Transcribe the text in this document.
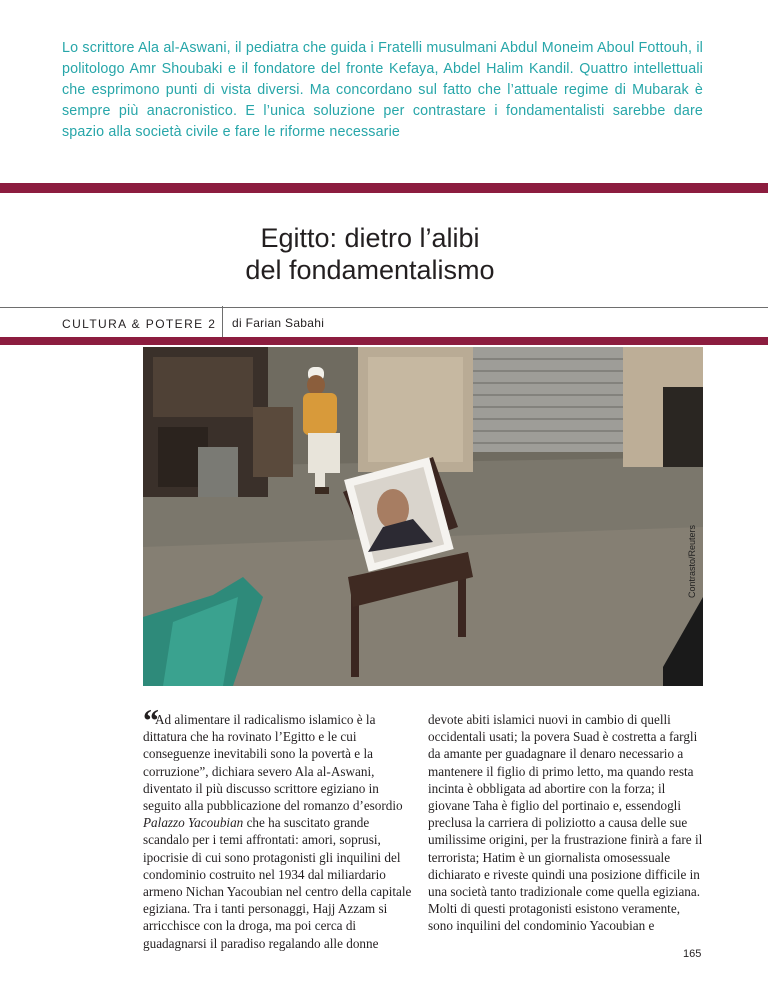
Lo scrittore Ala al-Aswani, il pediatra che guida i Fratelli musulmani Abdul Moneim Aboul Fottouh, il politologo Amr Shoubaki e il fondatore del fronte Kefaya, Abdel Halim Kandil. Quattro intellettuali che esprimono punti di vista diversi. Ma concordano sul fatto che l’attuale regime di Mubarak è sempre più anacronistico. E l’unica soluzione per contrastare i fondamentalisti sarebbe dare spazio alla società civile e fare le riforme necessarie
Egitto: dietro l’alibi
del fondamentalismo
CULTURA & POTERE 2 di Farian Sabahi
Contrasto/Reuters
“

Ad alimentare il radicalismo islamico è la dittatura che ha rovinato l’Egitto e le cui conseguenze inevitabili sono la povertà e la corruzione”, dichiara severo Ala al-Aswani, diventato il più discusso scrittore egiziano in seguito alla pubblicazione del romanzo d’esordio Palazzo Yacoubian che ha suscitato grande scandalo per i temi affrontati: amori, soprusi, ipocrisie di cui sono protagonisti gli inquilini del condominio costruito nel 1934 dal miliardario armeno Nichan Yacoubian nel centro della capitale egiziana. Tra i tanti personaggi, Hajj Azzam si arricchisce con la droga, ma poi cerca di guadagnarsi il paradiso regalando alle donne

devote abiti islamici nuovi in cambio di quelli occidentali usati; la povera Suad è costretta a fargli da amante per guadagnare il denaro necessario a mantenere il figlio di primo letto, ma quando resta incinta è obbligata ad abortire con la forza; il giovane Taha è figlio del portinaio e, essendogli preclusa la carriera di poliziotto a causa delle sue umilissime origini, per la frustrazione finirà a fare il terrorista; Hatim è un giornalista omosessuale dichiarato e riveste quindi una posizione difficile in una società tanto tradizionale come quella egiziana.
Molti di questi protagonisti esistono veramente, sono inquilini del condominio Yacoubian e
165
